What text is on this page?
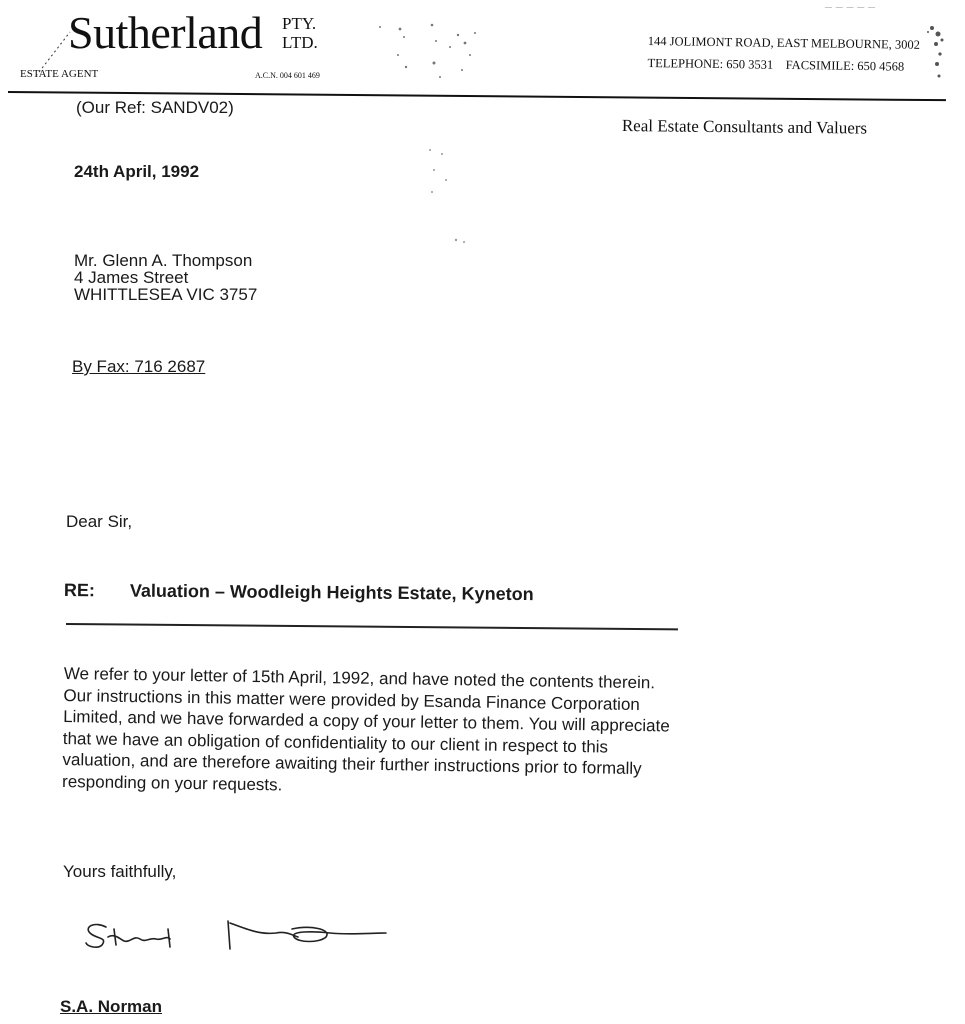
Sutherland PTY.
LTD.
ESTATE AGENT	A.C.N. 004 601 469
— — — — —
144 JOLIMONT ROAD, EAST MELBOURNE, 3002
TELEPHONE: 650 3531 FACSIMILE: 650 4568
Real Estate Consultants and Valuers
(Our Ref: SANDV02)
24th April, 1992
Mr. Glenn A. Thompson
4 James Street
WHITTLESEA VIC 3757
By Fax: 716 2687
Dear Sir,
RE: Valuation – Woodleigh Heights Estate, Kyneton
We refer to your letter of 15th April, 1992, and have noted the contents therein.
Our instructions in this matter were provided by Esanda Finance Corporation
Limited, and we have forwarded a copy of your letter to them. You will appreciate
that we have an obligation of confidentiality to our client in respect to this
valuation, and are therefore awaiting their further instructions prior to formally
responding on your requests.
Yours faithfully,
S.A. Norman
